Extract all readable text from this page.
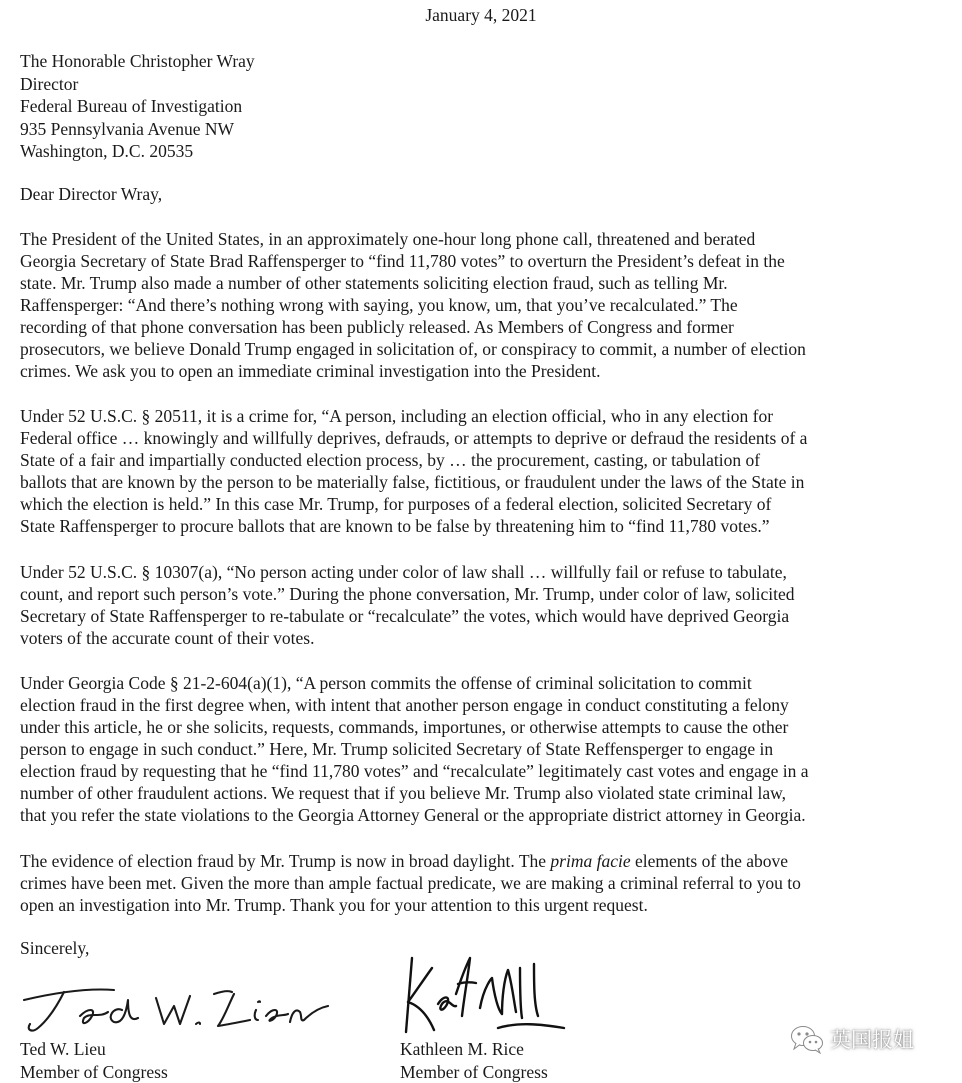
January 4, 2021
The Honorable Christopher Wray
Director
Federal Bureau of Investigation
935 Pennsylvania Avenue NW
Washington, D.C. 20535
Dear Director Wray,
The President of the United States, in an approximately one-hour long phone call, threatened and berated
Georgia Secretary of State Brad Raffensperger to “find 11,780 votes” to overturn the President’s defeat in the
state. Mr. Trump also made a number of other statements soliciting election fraud, such as telling Mr.
Raffensperger: “And there’s nothing wrong with saying, you know, um, that you’ve recalculated.” The
recording of that phone conversation has been publicly released. As Members of Congress and former
prosecutors, we believe Donald Trump engaged in solicitation of, or conspiracy to commit, a number of election
crimes. We ask you to open an immediate criminal investigation into the President.
Under 52 U.S.C. § 20511, it is a crime for, “A person, including an election official, who in any election for
Federal office … knowingly and willfully deprives, defrauds, or attempts to deprive or defraud the residents of a
State of a fair and impartially conducted election process, by … the procurement, casting, or tabulation of
ballots that are known by the person to be materially false, fictitious, or fraudulent under the laws of the State in
which the election is held.” In this case Mr. Trump, for purposes of a federal election, solicited Secretary of
State Raffensperger to procure ballots that are known to be false by threatening him to “find 11,780 votes.”
Under 52 U.S.C. § 10307(a), “No person acting under color of law shall … willfully fail or refuse to tabulate,
count, and report such person’s vote.” During the phone conversation, Mr. Trump, under color of law, solicited
Secretary of State Raffensperger to re-tabulate or “recalculate” the votes, which would have deprived Georgia
voters of the accurate count of their votes.
Under Georgia Code § 21-2-604(a)(1), “A person commits the offense of criminal solicitation to commit
election fraud in the first degree when, with intent that another person engage in conduct constituting a felony
under this article, he or she solicits, requests, commands, importunes, or otherwise attempts to cause the other
person to engage in such conduct.” Here, Mr. Trump solicited Secretary of State Reffensperger to engage in
election fraud by requesting that he “find 11,780 votes” and “recalculate” legitimately cast votes and engage in a
number of other fraudulent actions. We request that if you believe Mr. Trump also violated state criminal law,
that you refer the state violations to the Georgia Attorney General or the appropriate district attorney in Georgia.
The evidence of election fraud by Mr. Trump is now in broad daylight. The prima facie elements of the above
crimes have been met. Given the more than ample factual predicate, we are making a criminal referral to you to
open an investigation into Mr. Trump. Thank you for your attention to this urgent request.
Sincerely,
Ted W. Lieu
Member of Congress
Kathleen M. Rice
Member of Congress
英国报姐
